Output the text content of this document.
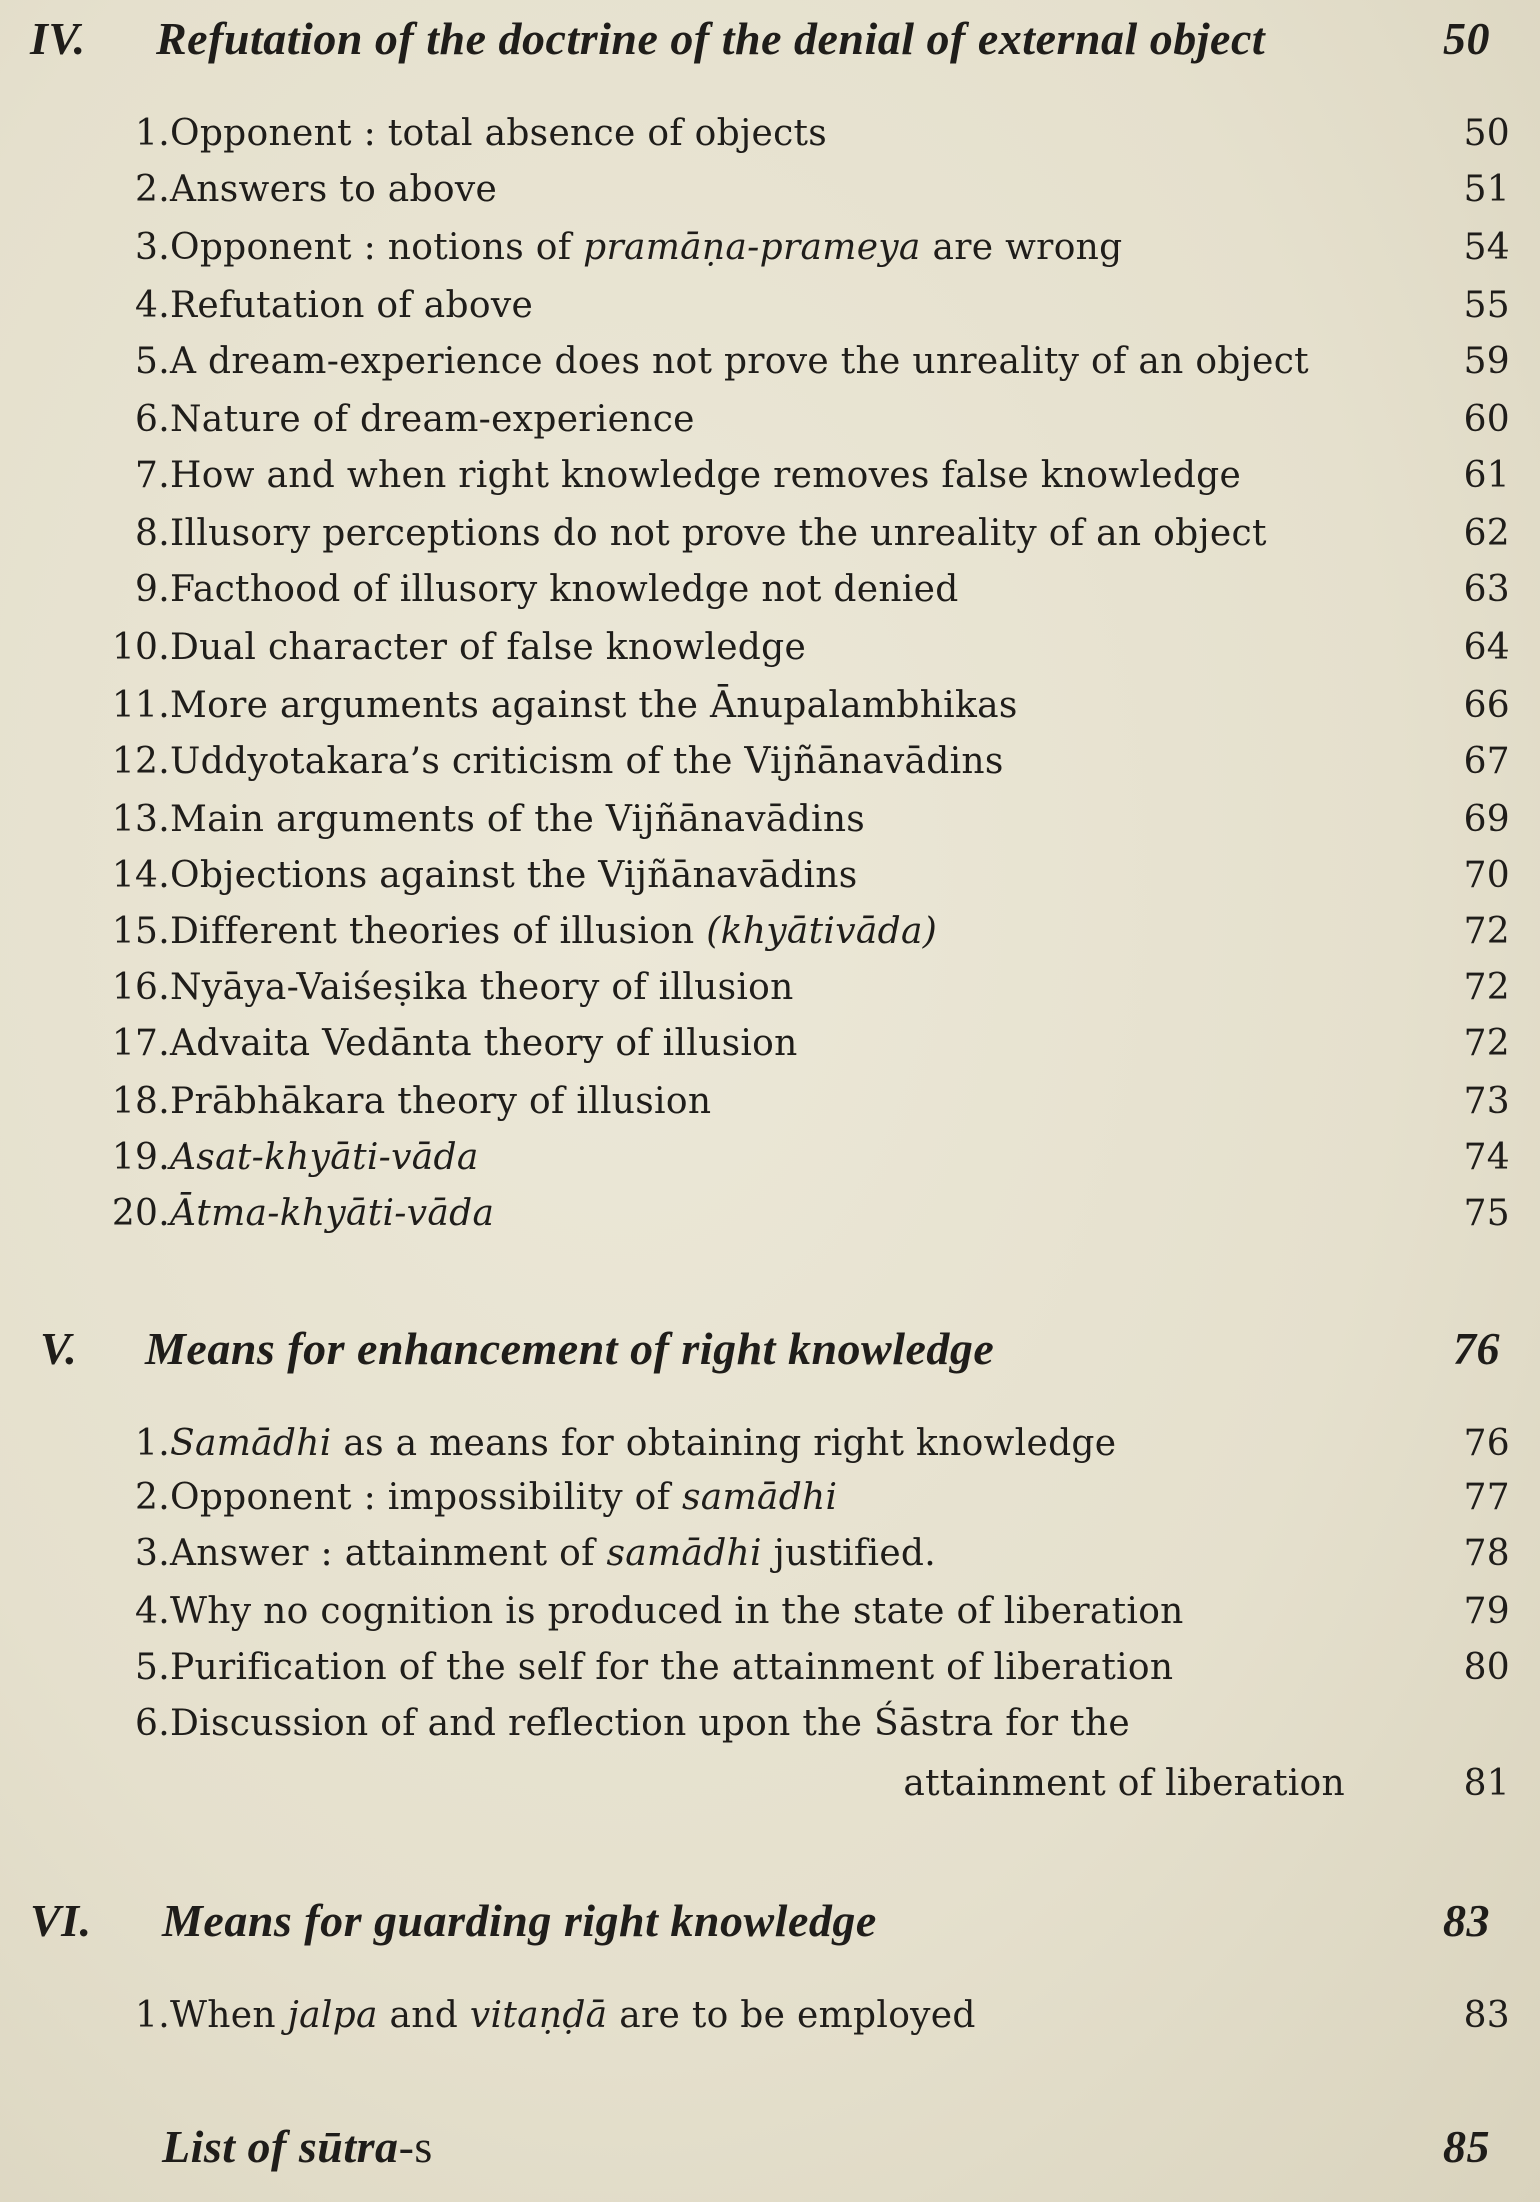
IV. Refutation of the doctrine of the denial of external object	50
1. Opponent : total absence of objects	50
2. Answers to above	51
3. Opponent : notions of pramāṇa-prameya are wrong	54
4. Refutation of above	55
5. A dream-experience does not prove the unreality of an object	59
6. Nature of dream-experience	60
7. How and when right knowledge removes false knowledge	61
8. Illusory perceptions do not prove the unreality of an object	62
9. Facthood of illusory knowledge not denied	63
10. Dual character of false knowledge	64
11. More arguments against the Ānupalambhikas	66
12. Uddyotakara’s criticism of the Vijñānavādins	67
13. Main arguments of the Vijñānavādins	69
14. Objections against the Vijñānavādins	70
15. Different theories of illusion (khyātivāda)	72
16. Nyāya-Vaiśeṣika theory of illusion	72
17. Advaita Vedānta theory of illusion	72
18. Prābhākara theory of illusion	73
19. Asat-khyāti-vāda	74
20. Ātma-khyāti-vāda	75
V. Means for enhancement of right knowledge	76
1. Samādhi as a means for obtaining right knowledge	76
2. Opponent : impossibility of samādhi	77
3. Answer : attainment of samādhi justified.	78
4. Why no cognition is produced in the state of liberation	79
5. Purification of the self for the attainment of liberation	80
6. Discussion of and reflection upon the Śāstra for the
attainment of liberation	81
VI. Means for guarding right knowledge	83
1. When jalpa and vitaṇḍā are to be employed	83
List of sūtra-s	85
